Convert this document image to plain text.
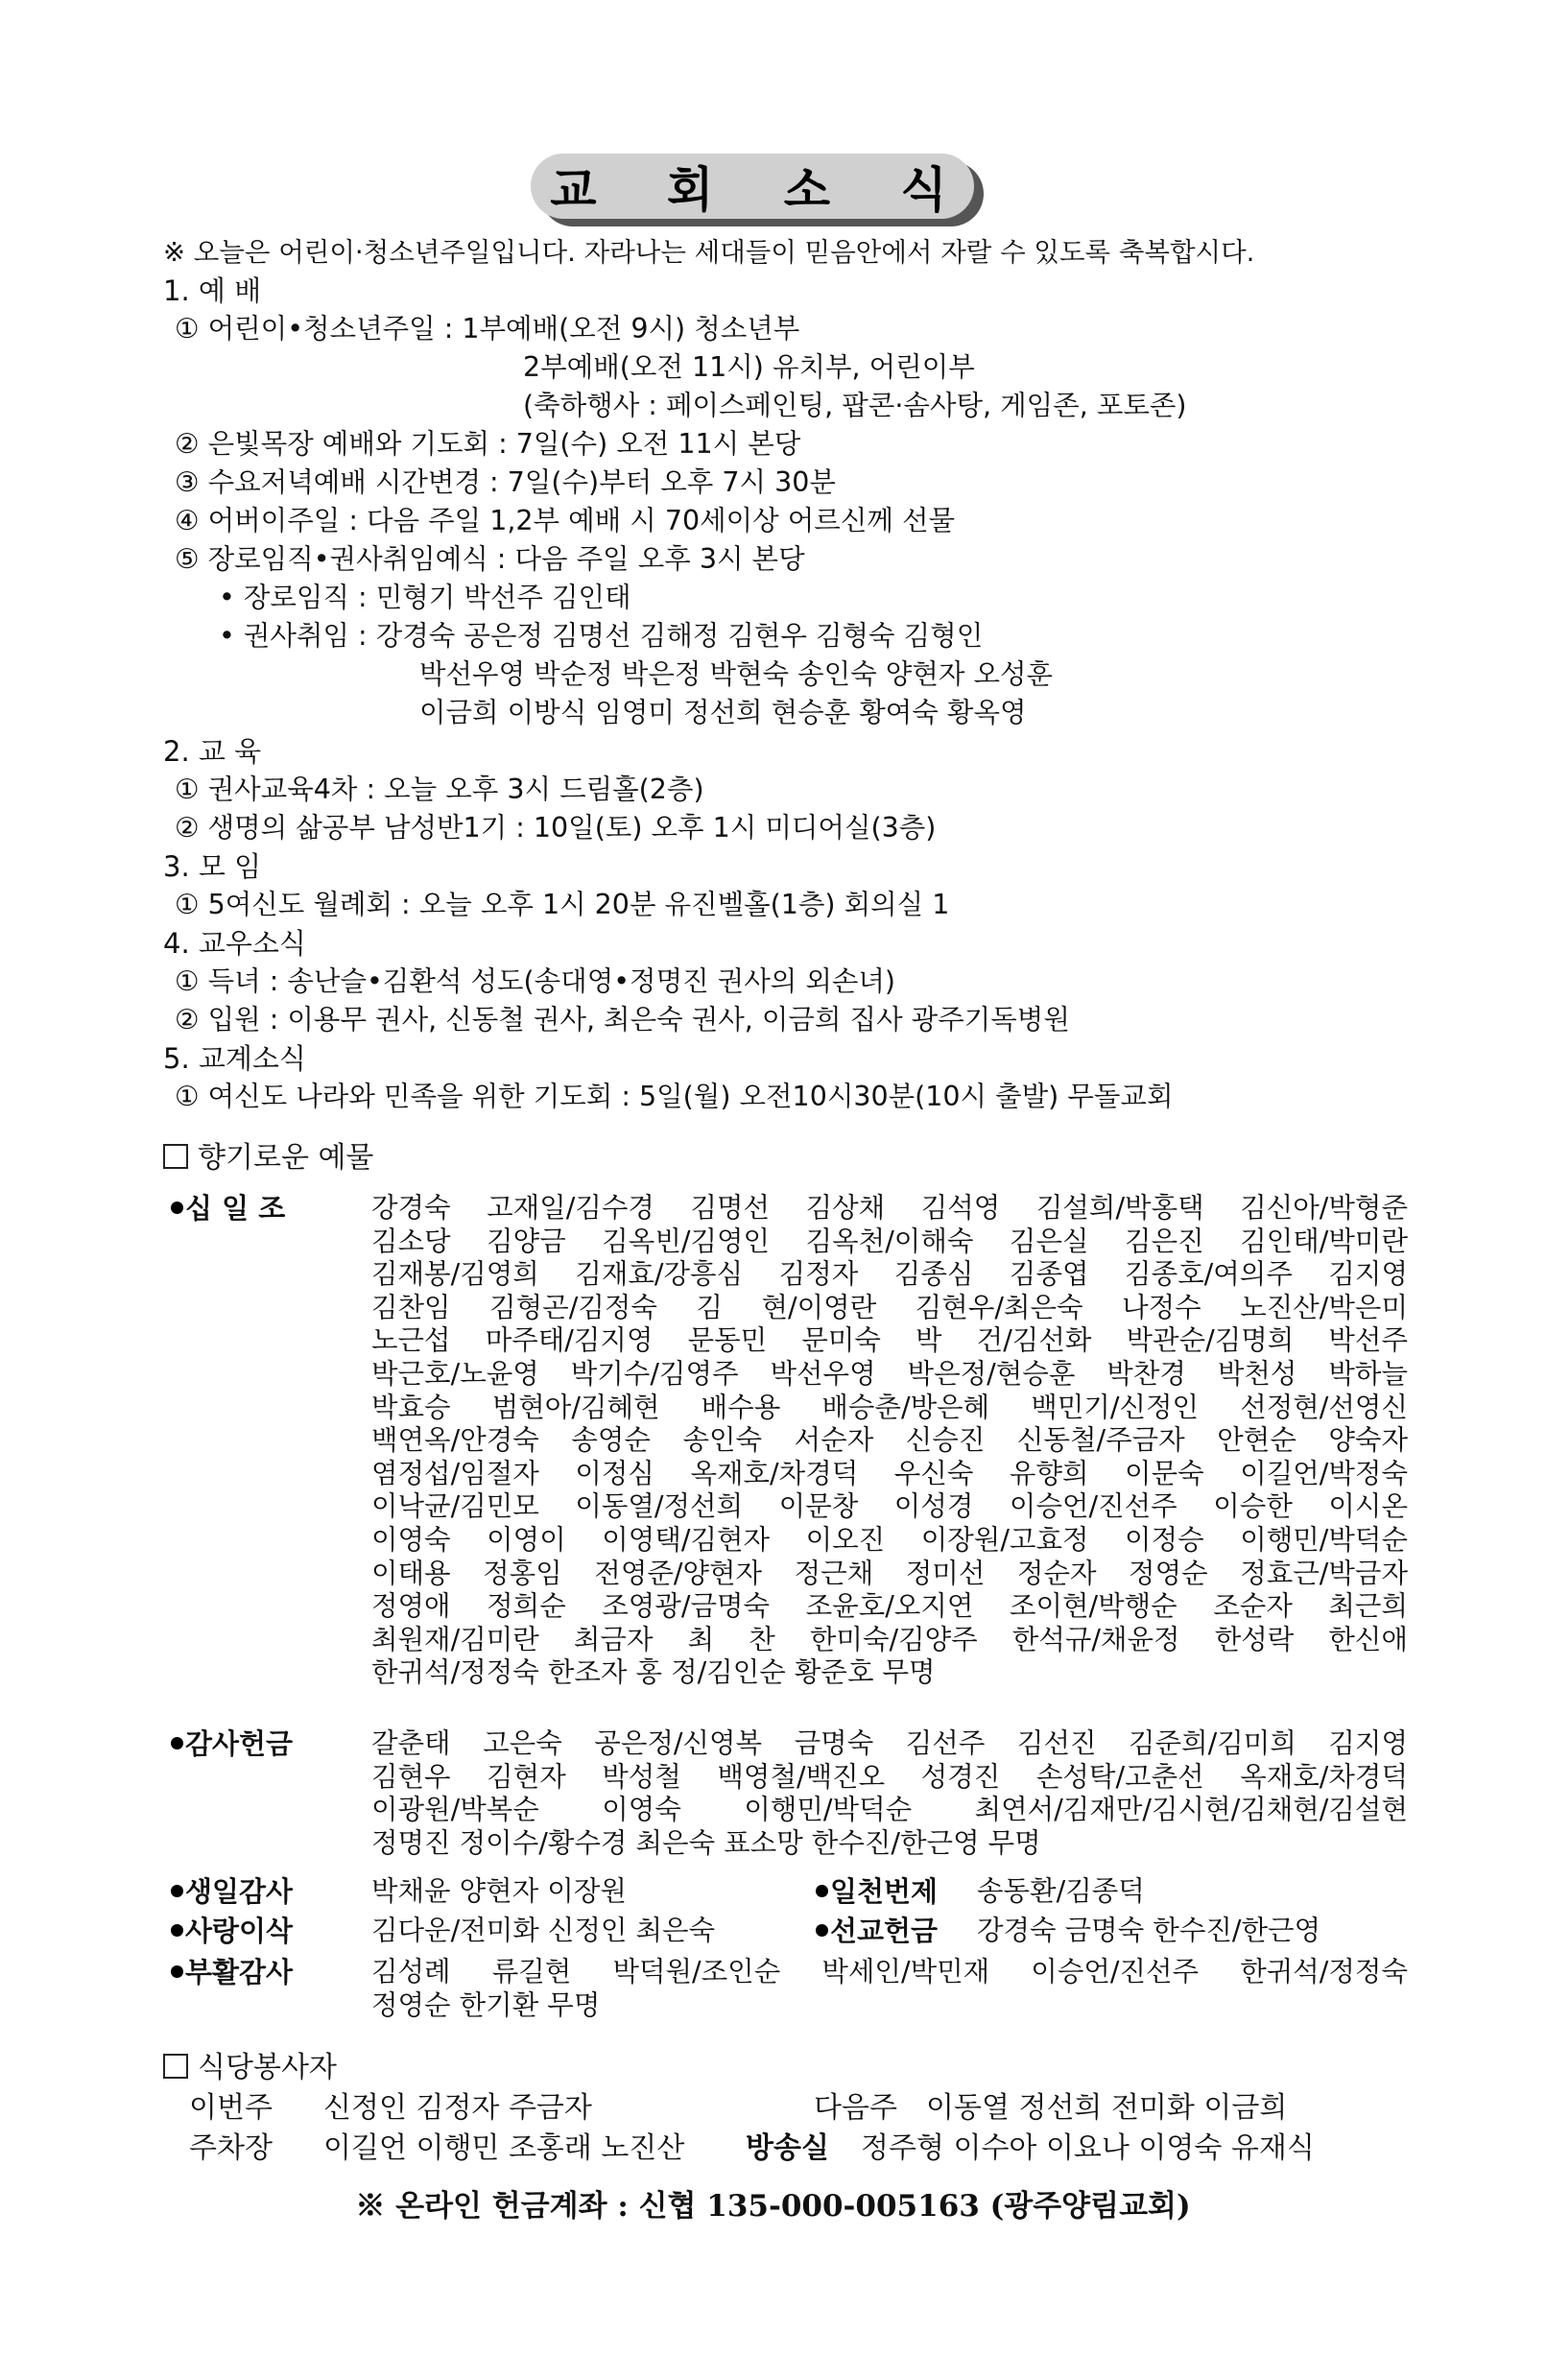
교 회 소 식
※ 오늘은 어린이·청소년주일입니다. 자라나는 세대들이 믿음안에서 자랄 수 있도록 축복합시다.
1. 예 배
① 어린이•청소년주일 : 1부예배(오전 9시) 청소년부
2부예배(오전 11시) 유치부, 어린이부
(축하행사 : 페이스페인팅, 팝콘·솜사탕, 게임존, 포토존)
② 은빛목장 예배와 기도회 : 7일(수) 오전 11시 본당
③ 수요저녁예배 시간변경 : 7일(수)부터 오후 7시 30분
④ 어버이주일 : 다음 주일 1,2부 예배 시 70세이상 어르신께 선물
⑤ 장로임직•권사취임예식 : 다음 주일 오후 3시 본당
• 장로임직 : 민형기 박선주 김인태
• 권사취임 : 강경숙 공은정 김명선 김해정 김현우 김형숙 김형인
박선우영 박순정 박은정 박현숙 송인숙 양현자 오성훈
이금희 이방식 임영미 정선희 현승훈 황여숙 황옥영
2. 교 육
① 권사교육4차 : 오늘 오후 3시 드림홀(2층)
② 생명의 삶공부 남성반1기 : 10일(토) 오후 1시 미디어실(3층)
3. 모 임
① 5여신도 월례회 : 오늘 오후 1시 20분 유진벨홀(1층) 회의실 1
4. 교우소식
① 득녀 : 송난슬•김환석 성도(송대영•정명진 권사의 외손녀)
② 입원 : 이용무 권사, 신동철 권사, 최은숙 권사, 이금희 집사 광주기독병원
5. 교계소식
① 여신도 나라와 민족을 위한 기도회 : 5일(월) 오전10시30분(10시 출발) 무돌교회
향기로운 예물
십 일 조	강경숙 고재일/김수경 김명선 김상채 김석영 김설희/박홍택 김신아/박형준
김소당 김양금 김옥빈/김영인 김옥천/이해숙 김은실 김은진 김인태/박미란
김재봉/김영희 김재효/강흥심 김정자 김종심 김종엽 김종호/여의주 김지영
김찬임 김형곤/김정숙 김 현/이영란 김현우/최은숙 나정수 노진산/박은미
노근섭 마주태/김지영 문동민 문미숙 박 건/김선화 박관순/김명희 박선주
박근호/노윤영 박기수/김영주 박선우영 박은정/현승훈 박찬경 박천성 박하늘
박효승 범현아/김혜현 배수용 배승춘/방은혜 백민기/신정인 선정현/선영신
백연옥/안경숙 송영순 송인숙 서순자 신승진 신동철/주금자 안현순 양숙자
염정섭/임절자 이정심 옥재호/차경덕 우신숙 유향희 이문숙 이길언/박정숙
이낙균/김민모 이동열/정선희 이문창 이성경 이승언/진선주 이승한 이시온
이영숙 이영이 이영택/김현자 이오진 이장원/고효정 이정승 이행민/박덕순
이태용 정홍임 전영준/양현자 정근채 정미선 정순자 정영순 정효근/박금자
정영애 정희순 조영광/금명숙 조윤호/오지연 조이현/박행순 조순자 최근희
최원재/김미란 최금자 최 찬 한미숙/김양주 한석규/채윤정 한성락 한신애
한귀석/정정숙 한조자 홍 정/김인순 황준호 무명
감사헌금	갈춘태 고은숙 공은정/신영복 금명숙 김선주 김선진 김준희/김미희 김지영
김현우 김현자 박성철 백영철/백진오 성경진 손성탁/고춘선 옥재호/차경덕
이광원/박복순 이영숙 이행민/박덕순 최연서/김재만/김시현/김채현/김설현
정명진 정이수/황수경 최은숙 표소망 한수진/한근영 무명
생일감사	박채윤 양현자 이장원	일천번제 송동환/김종덕
사랑이삭	김다운/전미화 신정인 최은숙	선교헌금 강경숙 금명숙 한수진/한근영
부활감사	김성례 류길현 박덕원/조인순 박세인/박민재 이승언/진선주 한귀석/정정숙
정영순 한기환 무명
식당봉사자
이번주 신정인 김정자 주금자	다음주 이동열 정선희 전미화 이금희
주차장 이길언 이행민 조홍래 노진산 방송실 정주형 이수아 이요나 이영숙 유재식
※ 온라인 헌금계좌 : 신협 135-000-005163 (광주양림교회)
